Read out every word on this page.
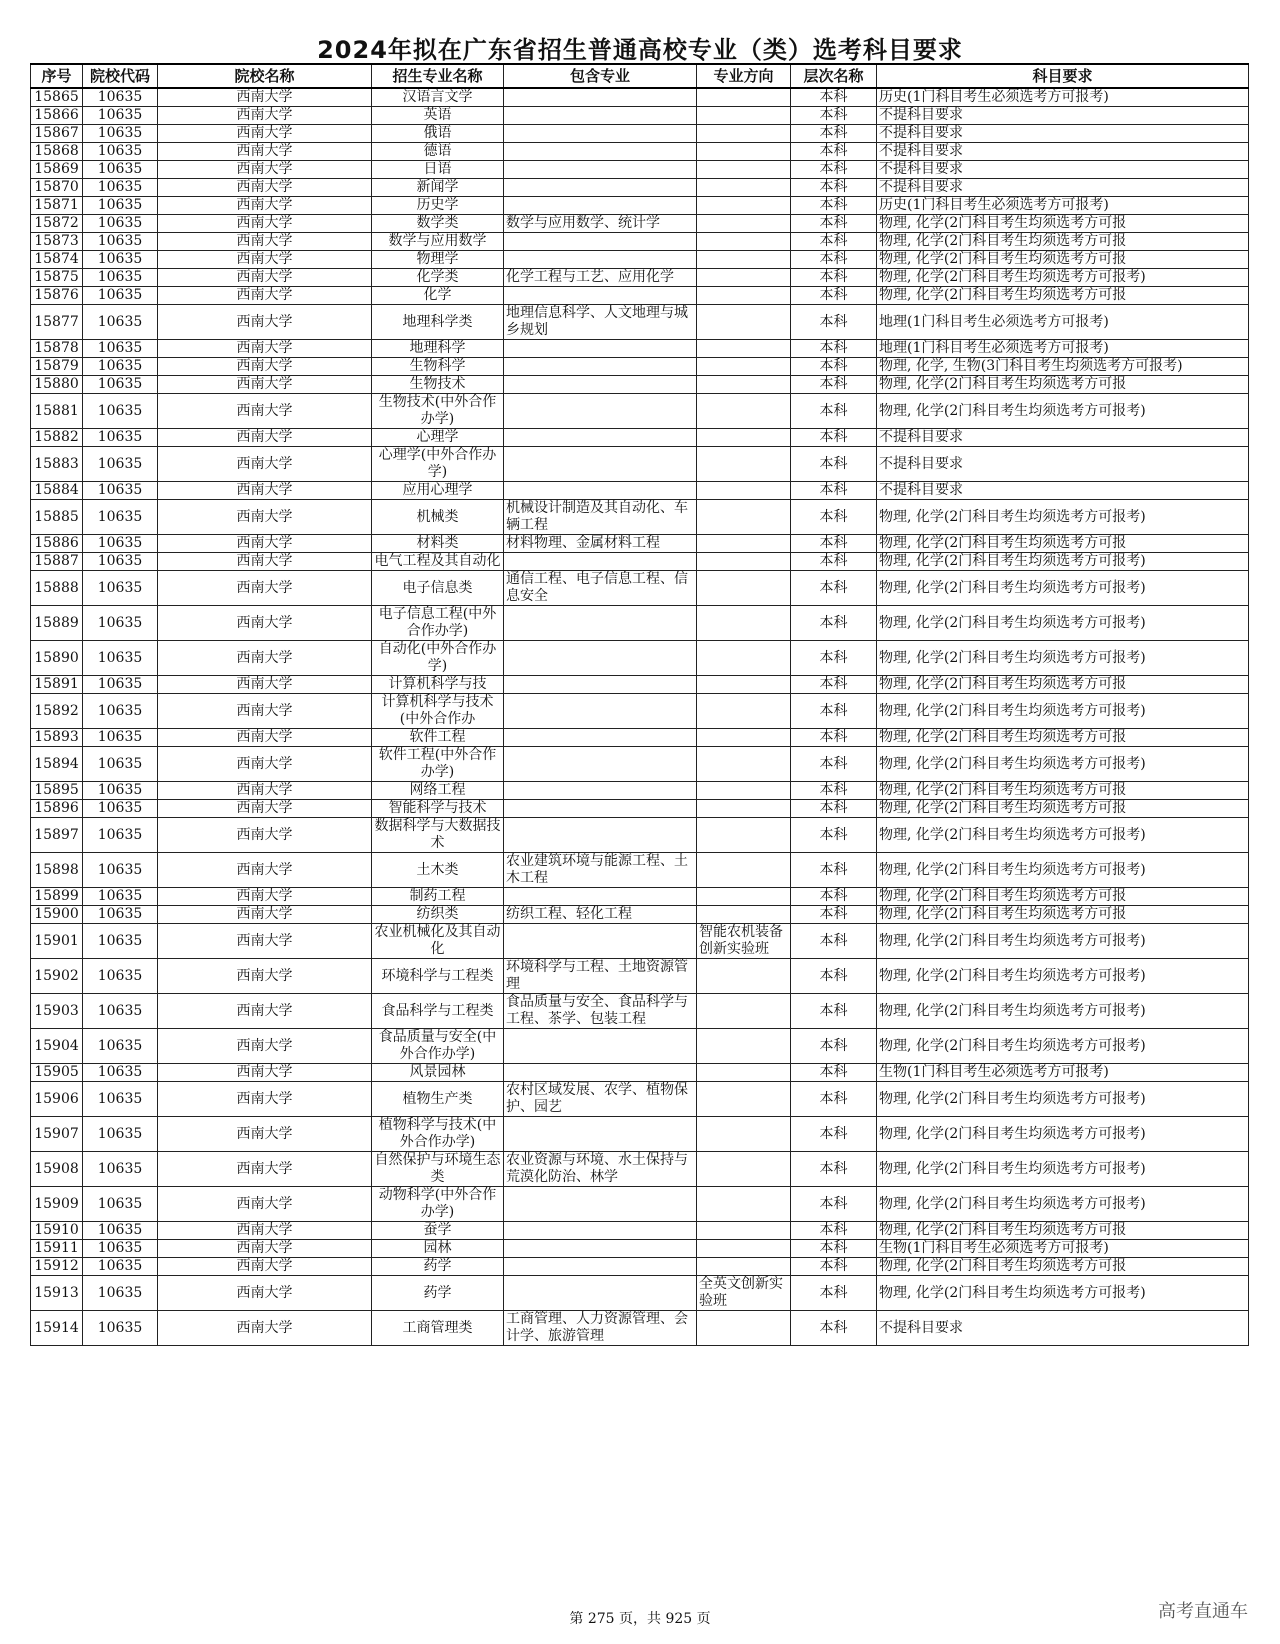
2024年拟在广东省招生普通高校专业（类）选考科目要求
序号	院校代码	院校名称	招生专业名称	包含专业	专业方向	层次名称	科目要求
15865	10635	西南大学	汉语言文学			本科	历史(1门科目考生必须选考方可报考)
15866	10635	西南大学	英语			本科	不提科目要求
15867	10635	西南大学	俄语			本科	不提科目要求
15868	10635	西南大学	德语			本科	不提科目要求
15869	10635	西南大学	日语			本科	不提科目要求
15870	10635	西南大学	新闻学			本科	不提科目要求
15871	10635	西南大学	历史学			本科	历史(1门科目考生必须选考方可报考)
15872	10635	西南大学	数学类	数学与应用数学、统计学		本科	物理, 化学(2门科目考生均须选考方可报
15873	10635	西南大学	数学与应用数学			本科	物理, 化学(2门科目考生均须选考方可报
15874	10635	西南大学	物理学			本科	物理, 化学(2门科目考生均须选考方可报
15875	10635	西南大学	化学类	化学工程与工艺、应用化学		本科	物理, 化学(2门科目考生均须选考方可报考)
15876	10635	西南大学	化学			本科	物理, 化学(2门科目考生均须选考方可报
15877	10635	西南大学	地理科学类	地理信息科学、人文地理与城乡规划		本科	地理(1门科目考生必须选考方可报考)
15878	10635	西南大学	地理科学			本科	地理(1门科目考生必须选考方可报考)
15879	10635	西南大学	生物科学			本科	物理, 化学, 生物(3门科目考生均须选考方可报考)
15880	10635	西南大学	生物技术			本科	物理, 化学(2门科目考生均须选考方可报
15881	10635	西南大学	生物技术(中外合作办学)			本科	物理, 化学(2门科目考生均须选考方可报考)
15882	10635	西南大学	心理学			本科	不提科目要求
15883	10635	西南大学	心理学(中外合作办学)			本科	不提科目要求
15884	10635	西南大学	应用心理学			本科	不提科目要求
15885	10635	西南大学	机械类	机械设计制造及其自动化、车辆工程		本科	物理, 化学(2门科目考生均须选考方可报考)
15886	10635	西南大学	材料类	材料物理、金属材料工程		本科	物理, 化学(2门科目考生均须选考方可报
15887	10635	西南大学	电气工程及其自动化			本科	物理, 化学(2门科目考生均须选考方可报考)
15888	10635	西南大学	电子信息类	通信工程、电子信息工程、信息安全		本科	物理, 化学(2门科目考生均须选考方可报考)
15889	10635	西南大学	电子信息工程(中外合作办学)			本科	物理, 化学(2门科目考生均须选考方可报考)
15890	10635	西南大学	自动化(中外合作办学)			本科	物理, 化学(2门科目考生均须选考方可报考)
15891	10635	西南大学	计算机科学与技			本科	物理, 化学(2门科目考生均须选考方可报
15892	10635	西南大学	计算机科学与技术(中外合作办			本科	物理, 化学(2门科目考生均须选考方可报考)
15893	10635	西南大学	软件工程			本科	物理, 化学(2门科目考生均须选考方可报
15894	10635	西南大学	软件工程(中外合作办学)			本科	物理, 化学(2门科目考生均须选考方可报考)
15895	10635	西南大学	网络工程			本科	物理, 化学(2门科目考生均须选考方可报
15896	10635	西南大学	智能科学与技术			本科	物理, 化学(2门科目考生均须选考方可报
15897	10635	西南大学	数据科学与大数据技术			本科	物理, 化学(2门科目考生均须选考方可报考)
15898	10635	西南大学	土木类	农业建筑环境与能源工程、土木工程		本科	物理, 化学(2门科目考生均须选考方可报考)
15899	10635	西南大学	制药工程			本科	物理, 化学(2门科目考生均须选考方可报
15900	10635	西南大学	纺织类	纺织工程、轻化工程		本科	物理, 化学(2门科目考生均须选考方可报
15901	10635	西南大学	农业机械化及其自动化		智能农机装备创新实验班	本科	物理, 化学(2门科目考生均须选考方可报考)
15902	10635	西南大学	环境科学与工程类	环境科学与工程、土地资源管理		本科	物理, 化学(2门科目考生均须选考方可报考)
15903	10635	西南大学	食品科学与工程类	食品质量与安全、食品科学与工程、茶学、包装工程		本科	物理, 化学(2门科目考生均须选考方可报考)
15904	10635	西南大学	食品质量与安全(中外合作办学)			本科	物理, 化学(2门科目考生均须选考方可报考)
15905	10635	西南大学	风景园林			本科	生物(1门科目考生必须选考方可报考)
15906	10635	西南大学	植物生产类	农村区域发展、农学、植物保护、园艺		本科	物理, 化学(2门科目考生均须选考方可报考)
15907	10635	西南大学	植物科学与技术(中外合作办学)			本科	物理, 化学(2门科目考生均须选考方可报考)
15908	10635	西南大学	自然保护与环境生态类	农业资源与环境、水土保持与荒漠化防治、林学		本科	物理, 化学(2门科目考生均须选考方可报考)
15909	10635	西南大学	动物科学(中外合作办学)			本科	物理, 化学(2门科目考生均须选考方可报考)
15910	10635	西南大学	蚕学			本科	物理, 化学(2门科目考生均须选考方可报
15911	10635	西南大学	园林			本科	生物(1门科目考生必须选考方可报考)
15912	10635	西南大学	药学			本科	物理, 化学(2门科目考生均须选考方可报
15913	10635	西南大学	药学		全英文创新实验班	本科	物理, 化学(2门科目考生均须选考方可报考)
15914	10635	西南大学	工商管理类	工商管理、人力资源管理、会计学、旅游管理		本科	不提科目要求
第 275 页，共 925 页	高考直通车
